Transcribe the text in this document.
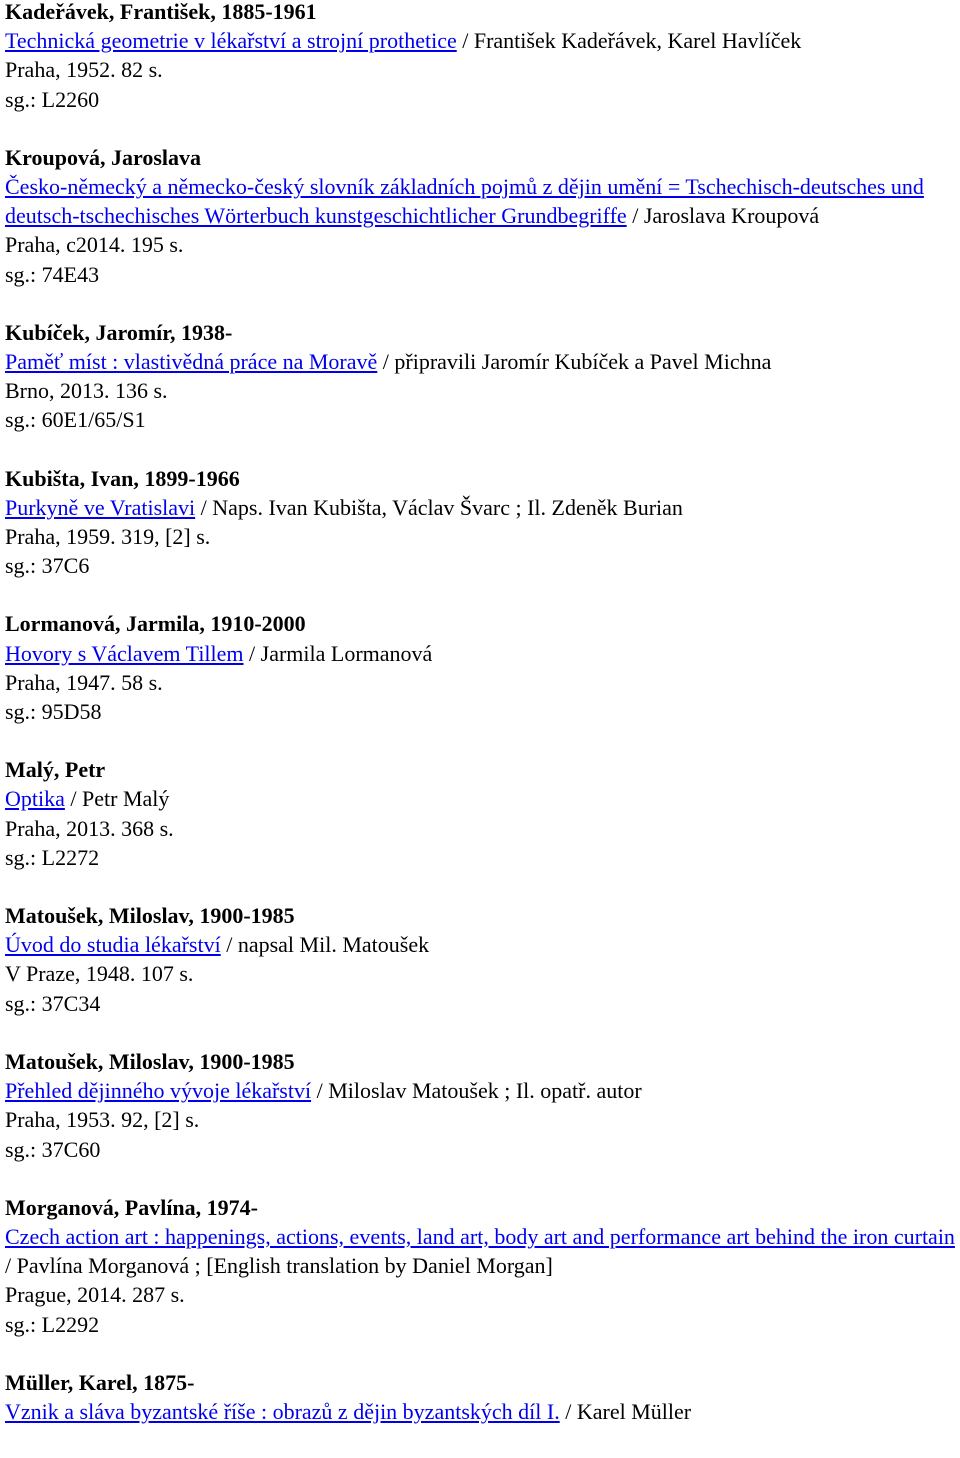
Kadeřávek, František, 1885-1961
Technická geometrie v lékařství a strojní prothetice / František Kadeřávek, Karel Havlíček
Praha, 1952. 82 s.
sg.: L2260
Kroupová, Jaroslava
Česko-německý a německo-český slovník základních pojmů z dějin umění = Tschechisch-deutsches und deutsch-tschechisches Wörterbuch kunstgeschichtlicher Grundbegriffe / Jaroslava Kroupová
Praha, c2014. 195 s.
sg.: 74E43
Kubíček, Jaromír, 1938-
Paměť míst : vlastivědná práce na Moravě / připravili Jaromír Kubíček a Pavel Michna
Brno, 2013. 136 s.
sg.: 60E1/65/S1
Kubišta, Ivan, 1899-1966
Purkyně ve Vratislavi / Naps. Ivan Kubišta, Václav Švarc ; Il. Zdeněk Burian
Praha, 1959. 319, [2] s.
sg.: 37C6
Lormanová, Jarmila, 1910-2000
Hovory s Václavem Tillem / Jarmila Lormanová
Praha, 1947. 58 s.
sg.: 95D58
Malý, Petr
Optika / Petr Malý
Praha, 2013. 368 s.
sg.: L2272
Matoušek, Miloslav, 1900-1985
Úvod do studia lékařství / napsal Mil. Matoušek
V Praze, 1948. 107 s.
sg.: 37C34
Matoušek, Miloslav, 1900-1985
Přehled dějinného vývoje lékařství / Miloslav Matoušek ; Il. opatř. autor
Praha, 1953. 92, [2] s.
sg.: 37C60
Morganová, Pavlína, 1974-
Czech action art : happenings, actions, events, land art, body art and performance art behind the iron curtain / Pavlína Morganová ; [English translation by Daniel Morgan]
Prague, 2014. 287 s.
sg.: L2292
Müller, Karel, 1875-
Vznik a sláva byzantské říše : obrazů z dějin byzantských díl I. / Karel Müller
